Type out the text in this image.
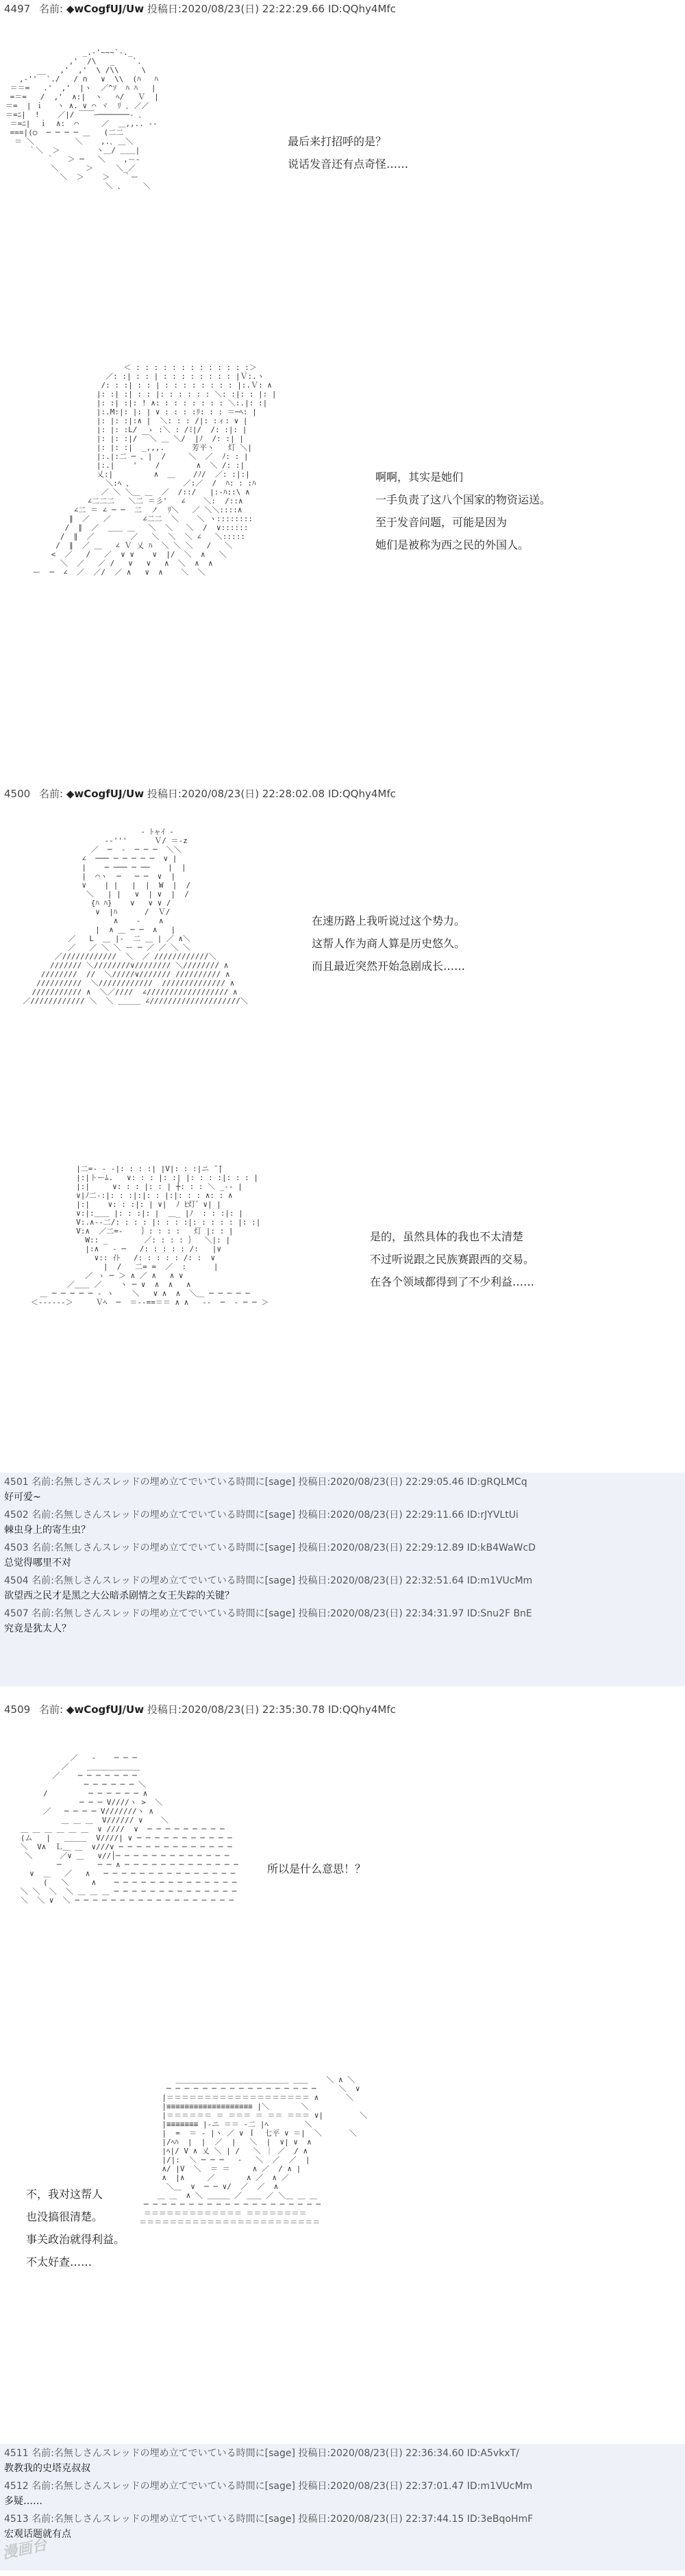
4497 名前: ◆wCogfUJ/Uw 投稿日:2020/08/23(日) 22:22:29.66 ID:QQhy4Mfc
_.-'~~~`-._
,'  /\   _    `.
__   ,'  ,'  \ /\\     \
,-''  `./   / ∩   ∨  \\  (ﾊ   ﾊ
＝＝=   .'  ,'  |ヽ  ／^ｿ  ﾊ ﾊ   |
=＝=   /  ,'  ∧:|  ヽ   ﾍ/   Ｖ  |
＝=  | ｉ   ヽ ∧. ∨ ⌒ ヾ  ﾘ ､ ／／
＝=ﾆ|  !    ／|/ ￣￣ｰ───────‐ ､
＝=ﾆ|  ｉ  ∧:  ⌒     ／  ＿,,.. -‐
===|(○  ─ ─ ─ ─ ＿   (二二
＝ ＼         ＼    ,.､ ＿＼
｀＼  ＞        ヽ＿/ ＿＿|
｀   ＞ ─   ＼    ,－-
＼      ＞     ＼_／
＼  ＞    ＞   ｀ー
＼ 、    ＼

最后来打招呼的是？
说话发音还有点奇怪……
＜ : : : : : : : : : : : : :＞
／: :| : : | : : : : : : : : |Ｖ:.ヽ
/: : :| : : | : : : : : : : : |:.Ｖ: ∧
|: :| :| : : |: : : : : : ＼: :|: : |: |
|: :| :|: ! ∧: : : : : : : : ＼:.|: :|
|:.M:|: |: | ∨ : : : :ﾘ: : : ＝─ﾍ: |
|: |: :|:∧ |  ＼: : : /|: :ィ: ∨ |
|: |: :L/  ゝ :＼ : /ﾐ|/  /: :|: |
|: |: :|/ ￣＼ ＿ ＼/  |ﾉ  /: :| |
|: |: :|  _,,,.      芳平ヽ   灯 ＼|
|:.|:二 ─ 、|  /     ＼  ／  ﾉ: : |
|:.|    '    /        ∧  ＼ /: :|
乂:|         ∧  ＿    /ﾉ/  ／: :|:|
＼:ﾍ 、           ／:／  /  ﾊ: : :ﾊ
／ ＼ ＼＿ ＿  ／  /::/   |:-ﾊ::\ ∧
∠二二二   ＼二 ＝彡'   ∠    ＼:  /::∧
∠二 ＝ ∠ ─ ─  二  ノ  ﾘ＼   ／ ＼＼::::∧
∥  ／   ／       ∠二二  ＼    ＼ ヽ::::::::
/  ∥  ／  ＿＿ ＿   ＼  ＼   ＼  /  ∨::::::
/  ∥  ／        ／   ＼  ＼  ＼ ∠   ＼:::::
/  ∥  ／ ＿   ∠ Ｖ 乂 ﾊ  ＼ ＼ ＼   /   ＼
<  ／   /   ／  ∨ ∨    ∨  |/  ＼  ∧   ＼
＼  ／   ／ /   ∨   ∨   ∧  ＼  ∧  ∧
ー  ─  ∠  ／  ／/  ／ ∧   ∨  ∧    ＼  ＼

啊啊，其实是她们
一手负责了这八个国家的物资运送。
至于发音问题，可能是因为
她们是被称为西之民的外国人。
4500 名前: ◆wCogfUJ/Uw 投稿日:2020/08/23(日) 22:28:02.08 ID:QQhy4Mfc
‐ ﾄャｲ -
-‐'''      Ｖ/ ＝-z
／  ─  ‐  ─ ─ ─  ＼＼
∠  ─── ─ ─ ─ ─ ─  ∨ |
|    ─ ─── ─ ──    |  |
|  ⌒ヽ  ─   ─ ─  ∨  |
∨    | |   |  |  W  |  /
＼   | |   ∨  | ∨  |  /
{ﾊ ﾊ}    ∨   ∨ ∨ /
∨  |ﾊ      /  Ｖ/
∧    ‐    ∧
|  ∧ ＿ ─ ─  ∧   |
／   L  ＿ |‐  二 ＿ | ／ ∧＼
／   ／ ＼ ＼ ー ─ ／ ／ ＼ ＼
／////////////  ＼  ／ ////////////＼
/////// ＼////////∨//////// ＼//////// ∧
////////  //  ＼/////∨/////// ////////// ∧
//////////  ＼////////////  ////////////// ∧
/////////// ∧  ＼／////  ∠////////////////// ∧
／//////////// ＼  ＼ ＿＿＿ ∠////////////////////＼

在速历路上我听说过这个势力。
这帮人作为商人算是历史悠久。
而且最近突然开始急剧成长……
|二=‐ ‐ ‐|: : : :| |V|: : :|ニ ̄ ̄|
|:|トーﾑ.   ∨: : : |: :| |: : : :|: : : |
|:|     ∨: : : |: : | ┼: : : ＼ _-‐ |
∨|ﾉ二‐:|: : :|:|: : |:|: : : ∧: : ∧
|:|    ∨: : :|: | ∨|  ﾉ ﾋ灯゛∨| |
∨:|:＿＿ |: : :|: |  ＿_ |ﾉ  : : :|: |
V:.∧‐-二/: : : : |: : : :|: : : : : |: :|
V:∧  ／二=‐    ｝: : : :   灯 |: : |
W:: _        ／: : : : ｝  ＼|: |
|:∧   ‐ ─   /: : : : : /:   |∨
∨:: ｲﾄ   /: : : : : /: :  ∨
|  /   二= =  ／  :      |
／ ゝ ─ ＞ ∧ ／ ∧   ∧ ∨
／＿＿ ／    ヽ ─ ∨  ∧  ∧   ∧
＿ ─ ─ ─ ─ ─ ‐ ヽ    ＼   ∨ ∧  ∧  ＼＿ ─ ─ ─ ─ ─
＜‐‐‐‐‐‐＞     Ｖﾍ  ─  ＝‐‐==＝＝ ∧ ∧   ‐‐  ─  ‐ ─ ─ ＞

是的，虽然具体的我也不太清楚
不过听说跟之民族赛跟西的交易。
在各个领域都得到了不少利益……
4501 名前:名無しさんスレッドの埋め立てでいている時間に[sage] 投稿日:2020/08/23(日) 22:29:05.46 ID:gRQLMCq
好可爱~
4502 名前:名無しさんスレッドの埋め立てでいている時間に[sage] 投稿日:2020/08/23(日) 22:29:11.66 ID:rJYVLtUi
棘虫身上的寄生虫？
4503 名前:名無しさんスレッドの埋め立てでいている時間に[sage] 投稿日:2020/08/23(日) 22:29:12.89 ID:kB4WaWcD
总觉得哪里不对
4504 名前:名無しさんスレッドの埋め立てでいている時間に[sage] 投稿日:2020/08/23(日) 22:32:51.64 ID:m1VUcMm
欲望西之民才是黑之大公暗杀剧情之女王失踪的关键？
4507 名前:名無しさんスレッドの埋め立てでいている時間に[sage] 投稿日:2020/08/23(日) 22:34:31.97 ID:Snu2F BnE
究竟是犹太人？
4509 名前: ◆wCogfUJ/Uw 投稿日:2020/08/23(日) 22:35:30.78 ID:QQhy4Mfc
／   ‐    ─ ─ ─
／    ＿＿＿＿＿＿＿
／    ─ ─ ─ ─ ─ ─ ─
─ ─ ─ ─ ─ ─ ＼
/         ─ ─ ─ ─ ─ ─ ∧
─ ─ ─ V////ヽ >  ＼
／   ─ ─ ─ ─ V///////ヽ ∧
＿ ＿ ＿  V////// ∨    ＼
＿ ＿ ＿ ＿ ＿ ＿  ∨ ////  ∨  ─ ─ ─ ─ ─ ─ ─ ─ ─
(ム   |   ＿＿＿  V////| ∨ ─ ─ ─ ─ ─ ─ ─ ─ ─ ─ ─
＼  V∧  Ｌ＿ ＿  ∨///∨ ─ ─ ─ ─ ─ ─ ─ ─ ─ ─ ─ ─ ─
＼      ／∨ ＿   ∨//│─ ─ ─ ─ ─ ─ ─ ─ ─ ─ ─ ─ ─
─        ─ ─ ∧ ─ ─ ─ ─ ─ ─ ─ ─ ─ ─ ─ ─ ─
∨  ＿   ／   ∧   ─ ─ ─ ─ ─ ─ ─ ─ ─ ─ ─ ─ ─ ─ ─
(   ＼     ∧    ─ ─ ─ ─ ─ ─ ─ ─ ─ ─ ─ ─ ─ ─
＼ ＼  ＼  ＼ ＿ ＿ ＿ ─ ─ ─ ─ ─ ─ ─ ─ ─ ─ ─ ─ ─ ─
＼  ＼ ∨  ＼ ─ ─ ─ ─ ─ ─ ─ ─ ─ ─ ─ ─ ─ ─ ─ ─ ─ ─

所以是什么意思！？
＿＿＿＿＿＿＿＿＿＿＿＿＿＿＿ ＿＿    ＼ ∧ ＼
─ ─ ─ ─ ─ ─ ─ ─ ─ ─ ─ ─ ─ ─ ─ ─ ─     ＼  ∨
|＝＝＝＝＝＝＝＝＝＝＝＝＝＝＝＝＝＝＝ ∧      ＼
|≡≡≡≡≡≡≡≡≡≡≡≡≡≡≡≡≡≡≡ |＼       ＼
|＝＝＝＝＝＝ ＝ ＝＝＝ ＝ ＝＝ ＝＝＝ ∨|        ＼
|≡≡≡≡≡≡≡ |-ニ ＝＝ -二 |ﾍ        ＼
|  =  ＝ ‐ |ヽ ／ ∨ Ｉ  七平 ∨ ＝|  ＼      ＼
|/ﾍﾊ  |  |  ／  |   ＼  |  ∨| ∨  ∧
|ﾍ|/ V ∧ 乂 ＼ | /   ＼ ｜ ／  / ∧
|/|:  ＼ ─ ─ ─   ‐   ＼  ／  ／  |
∧/ |V  ＼  ＝ ＝     ∧ ／  / ∧ |
∧  |∧     ／       ∧ ／  ∧ ／
＼＿  ∨  ─ ─ ∨/  ／  ／  ∧
＿ ＿  ∧ ＼ ＿＿＿ ／ ＿＿ ／ ＼＿ ＿ ＿
─ ─ ─ ─ ─ ─ ─ ─ ─ ─ ─ ─ ─ ─ ─ ─ ─ ─ ─ ─
＝＝＝＝＝＝＝＝＝＝＝＝＝ ＝＝＝＝＝＝＝＝
＝＝＝＝＝＝＝＝＝＝＝＝＝＝＝＝＝＝＝＝＝＝＝＝

不，我对这帮人
也没搞很清楚。
事关政治就得利益。
不太好查……
4511 名前:名無しさんスレッドの埋め立てでいている時間に[sage] 投稿日:2020/08/23(日) 22:36:34.60 ID:A5vkxT/
教教我的史塔克叔叔
4512 名前:名無しさんスレッドの埋め立てでいている時間に[sage] 投稿日:2020/08/23(日) 22:37:01.47 ID:m1VUcMm
多疑……
4513 名前:名無しさんスレッドの埋め立てでいている時間に[sage] 投稿日:2020/08/23(日) 22:37:44.15 ID:3eBqoHmF
宏观话题就有点
漫画台
